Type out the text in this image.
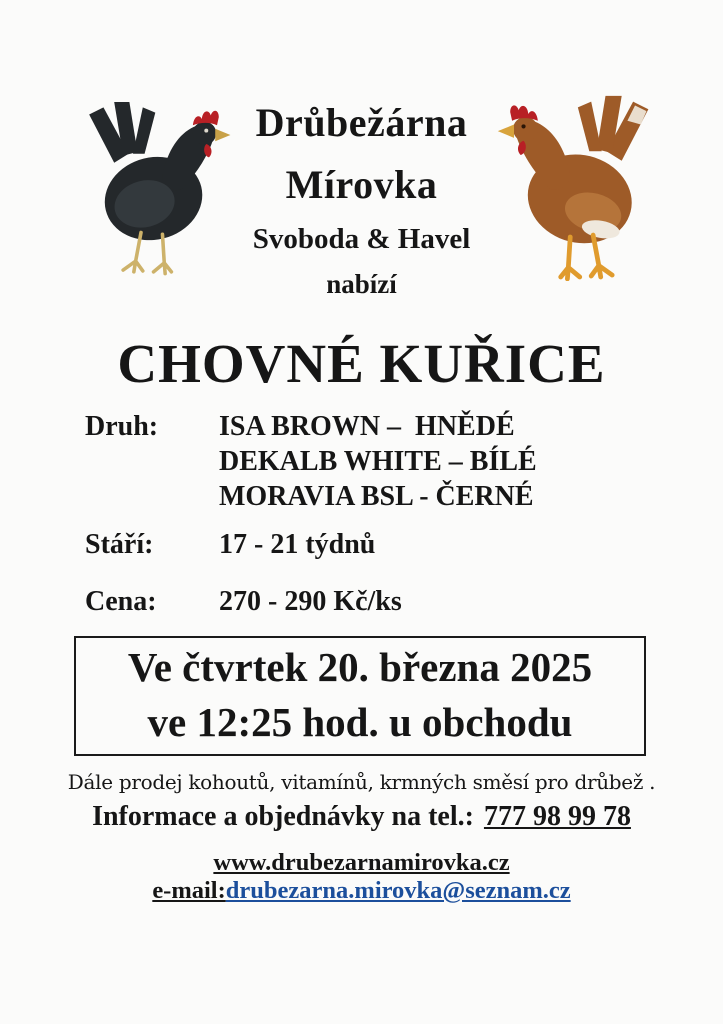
Drůbežárna
Mírovka
Svoboda & Havel
nabízí
CHOVNÉ KUŘICE
Druh: ISA BROWN –  HNĚDÉ
DEKALB WHITE – BÍLÉ
MORAVIA BSL - ČERNÉ
Stáří: 17 - 21 týdnů
Cena: 270 - 290 Kč/ks
Ve čtvrtek 20. března 2025
ve 12:25 hod. u obchodu
Dále prodej kohoutů, vitamínů, krmných směsí pro drůbež .
Informace a objednávky na tel.: 777 98 99 78
www.drubezarnamirovka.cz
e-mail:drubezarna.mirovka@seznam.cz
